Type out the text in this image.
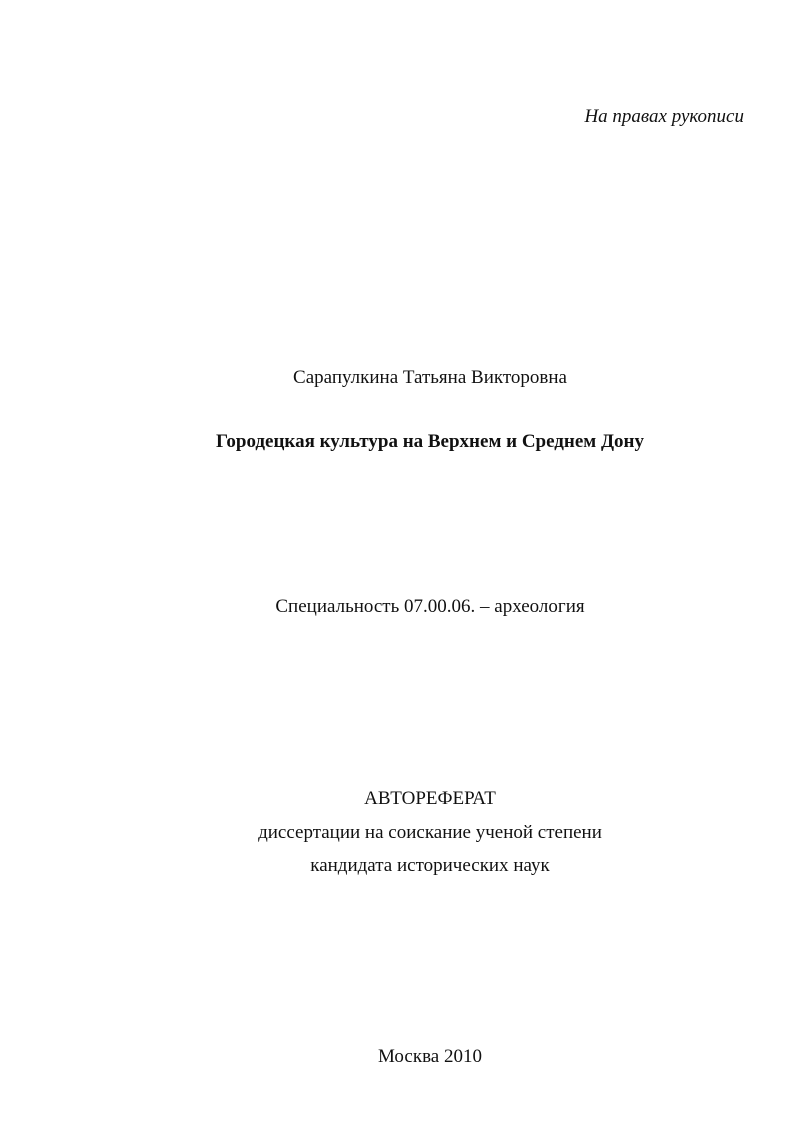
На правах рукописи
Сарапулкина Татьяна Викторовна
Городецкая культура на Верхнем и Среднем Дону
Специальность 07.00.06. – археология
АВТОРЕФЕРАТ
диссертации на соискание ученой степени
кандидата исторических наук
Москва 2010
